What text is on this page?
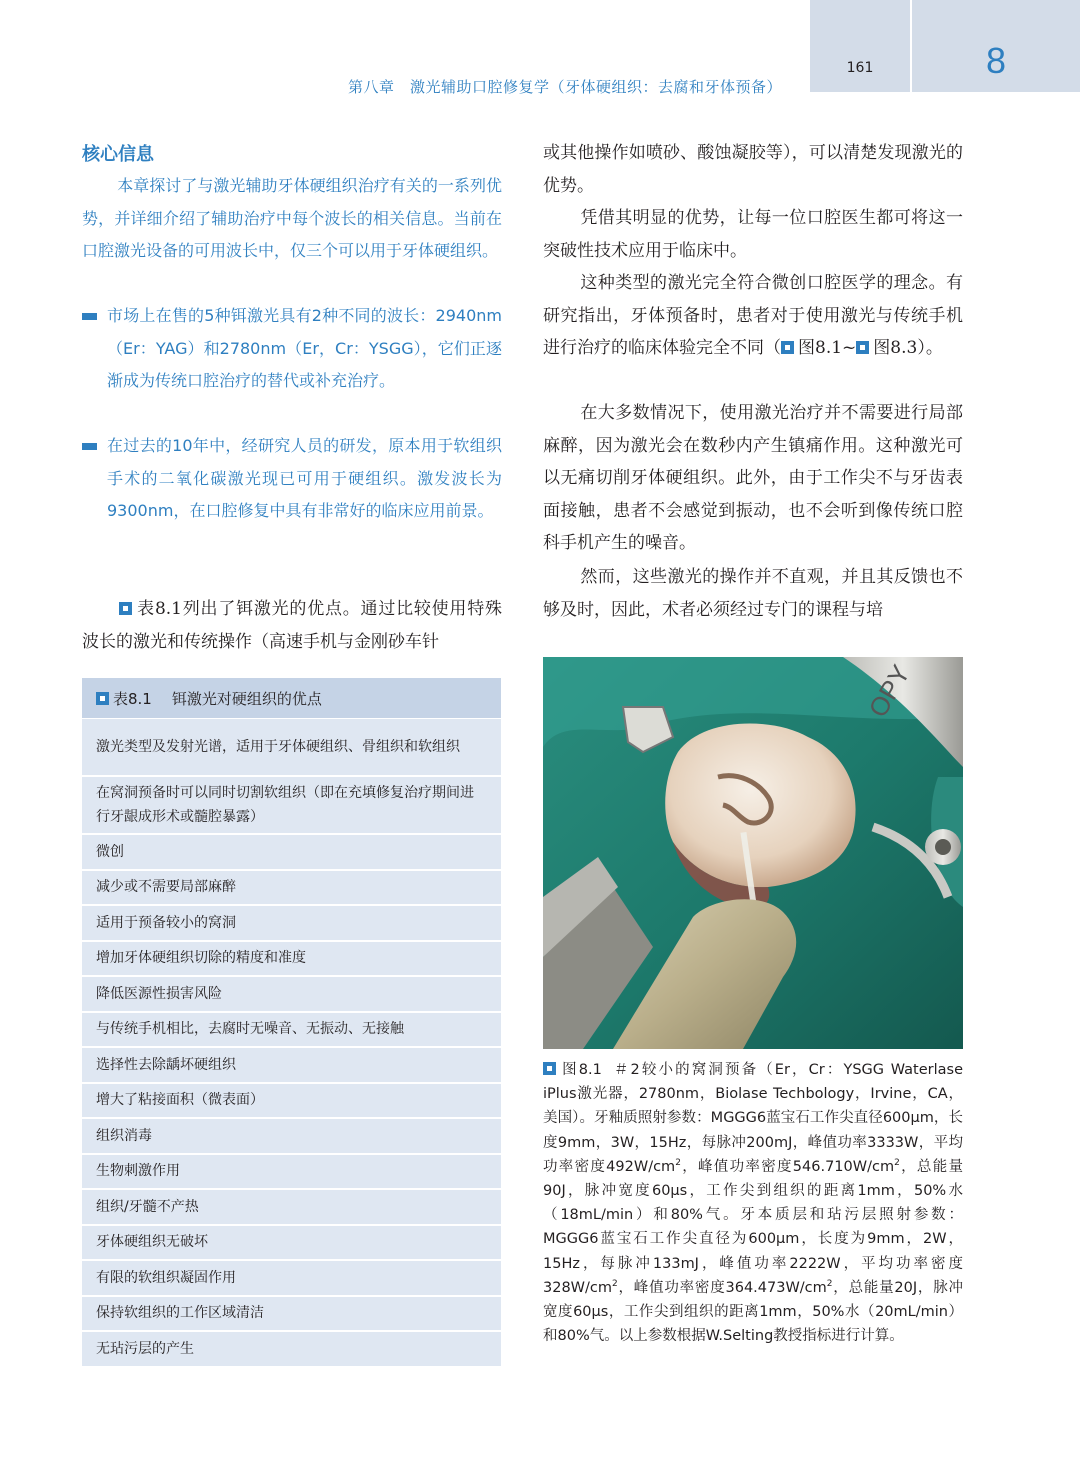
第八章　激光辅助口腔修复学（牙体硬组织：去腐和牙体预备）
161	8
核心信息
本章探讨了与激光辅助牙体硬组织治疗有关的一系列优势，并详细介绍了辅助治疗中每个波长的相关信息。当前在口腔激光设备的可用波长中，仅三个可以用于牙体硬组织。
市场上在售的5种铒激光具有2种不同的波长：2940nm（Er：YAG）和2780nm（Er，Cr：YSGG），它们正逐渐成为传统口腔治疗的替代或补充治疗。
在过去的10年中，经研究人员的研发，原本用于软组织手术的二氧化碳激光现已可用于硬组织。激发波长为9300nm，在口腔修复中具有非常好的临床应用前景。
表8.1列出了铒激光的优点。通过比较使用特殊波长的激光和传统操作（高速手机与金刚砂车针
表8.1 铒激光对硬组织的优点
激光类型及发射光谱，适用于牙体硬组织、骨组织和软组织
在窝洞预备时可以同时切割软组织（即在充填修复治疗期间进行牙龈成形术或髓腔暴露）
微创
减少或不需要局部麻醉
适用于预备较小的窝洞
增加牙体硬组织切除的精度和准度
降低医源性损害风险
与传统手机相比，去腐时无噪音、无振动、无接触
选择性去除龋坏硬组织
增大了粘接面积（微表面）
组织消毒
生物刺激作用
组织/牙髓不产热
牙体硬组织无破坏
有限的软组织凝固作用
保持软组织的工作区域清洁
无玷污层的产生
或其他操作如喷砂、酸蚀凝胶等），可以清楚发现激光的优势。
凭借其明显的优势，让每一位口腔医生都可将这一突破性技术应用于临床中。
这种类型的激光完全符合微创口腔医学的理念。有研究指出，牙体预备时，患者对于使用激光与传统手机进行治疗的临床体验完全不同（ 图8.1~ 图8.3）。
在大多数情况下，使用激光治疗并不需要进行局部麻醉，因为激光会在数秒内产生镇痛作用。这种激光可以无痛切削牙体硬组织。此外，由于工作尖不与牙齿表面接触，患者不会感觉到振动，也不会听到像传统口腔科手机产生的噪音。
然而，这些激光的操作并不直观，并且其反馈也不够及时，因此，术者必须经过专门的课程与培
OPY
图8.1 ＃2较小的窝洞预备（Er，Cr：YSGG Waterlase iPlus激光器，2780nm，Biolase Techbology，Irvine，CA，美国）。牙釉质照射参数：MGGG6蓝宝石工作尖直径600μm，长度9mm，3W，15Hz，每脉冲200mJ，峰值功率3333W，平均功率密度$492W/cm^2$，峰值功率密度$546.710W/cm^2$，总能量90J，脉冲宽度60μs，工作尖到组织的距离1mm，50%水（18mL/min）和80%气。牙本质层和玷污层照射参数：MGGG6蓝宝石工作尖直径为600μm，长度为9mm，2W，15Hz，每脉冲133mJ，峰值功率2222W，平均功率密度$328W/cm^2$，峰值功率密度$364.473W/cm^2$，总能量20J，脉冲宽度60μs，工作尖到组织的距离1mm，50%水（20mL/min）和80%气。以上参数根据W.Selting教授指标进行计算。
